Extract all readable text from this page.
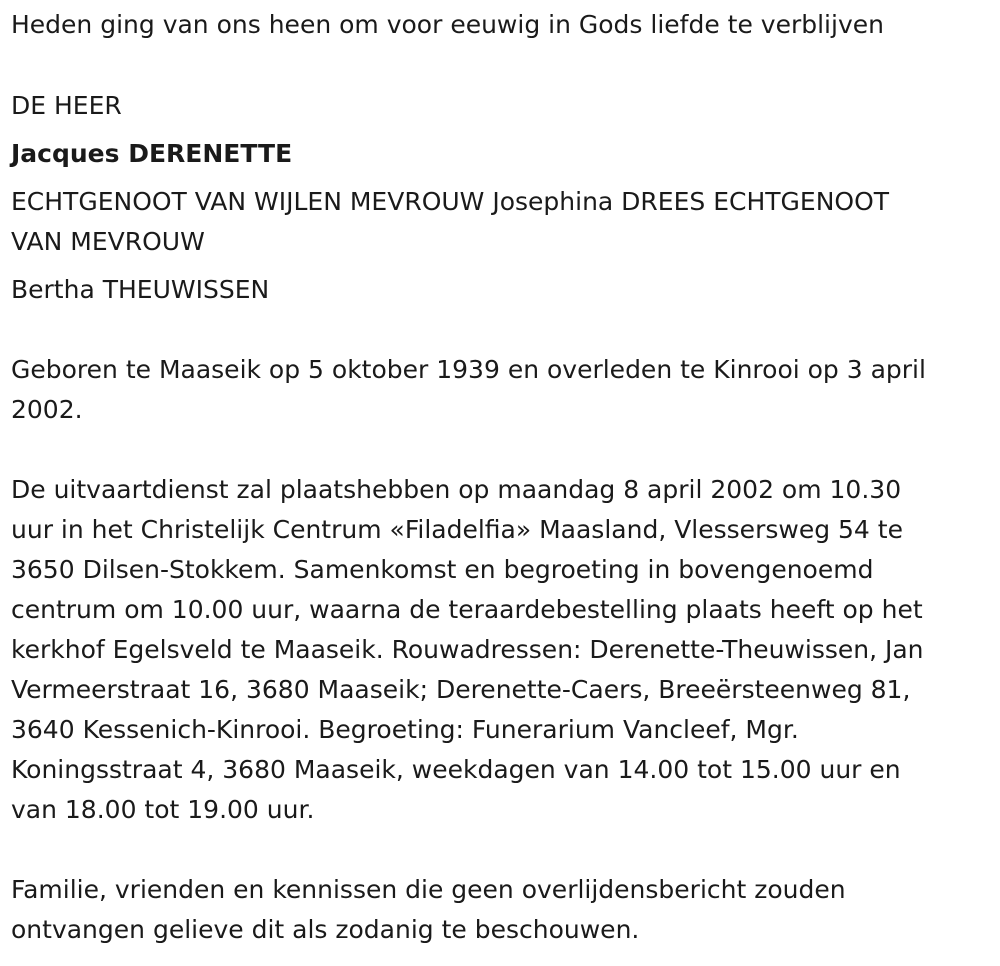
Heden ging van ons heen om voor eeuwig in Gods liefde te verblijven

DE HEER

Jacques DERENETTE

ECHTGENOOT VAN WIJLEN MEVROUW Josephina DREES ECHTGENOOT

VAN MEVROUW

Bertha THEUWISSEN

Geboren te Maaseik op 5 oktober 1939 en overleden te Kinrooi op 3 april

2002.

De uitvaartdienst zal plaatshebben op maandag 8 april 2002 om 10.30

uur in het Christelijk Centrum «Filadelfia» Maasland, Vlessersweg 54 te

3650 Dilsen-Stokkem. Samenkomst en begroeting in bovengenoemd

centrum om 10.00 uur, waarna de teraardebestelling plaats heeft op het

kerkhof Egelsveld te Maaseik. Rouwadressen: Derenette-Theuwissen, Jan

Vermeerstraat 16, 3680 Maaseik; Derenette-Caers, Breeërsteenweg 81,

3640 Kessenich-Kinrooi. Begroeting: Funerarium Vancleef, Mgr.

Koningsstraat 4, 3680 Maaseik, weekdagen van 14.00 tot 15.00 uur en

van 18.00 tot 19.00 uur.

Familie, vrienden en kennissen die geen overlijdensbericht zouden

ontvangen gelieve dit als zodanig te beschouwen.
